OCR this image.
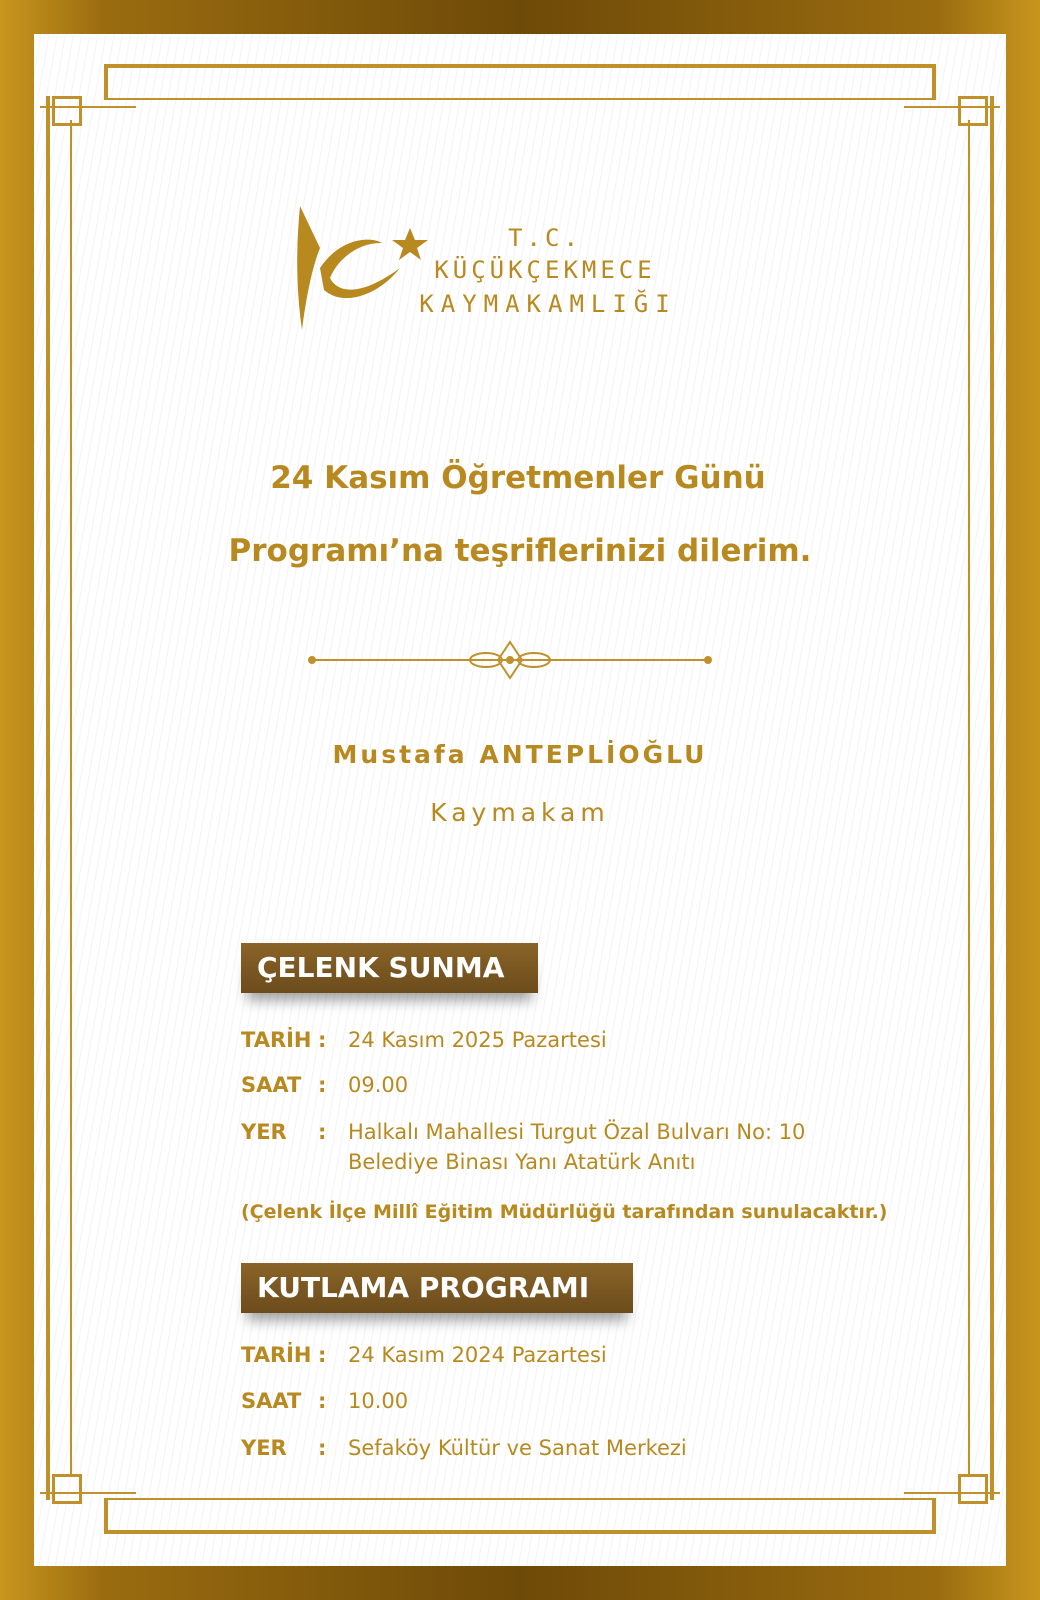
T.C.
KÜÇÜKÇEKMECE
KAYMAKAMLIĞI
24 Kasım Öğretmenler Günü
Programı’na teşriflerinizi dilerim.
Mustafa ANTEPLİOĞLU
Kaymakam
ÇELENK SUNMA
TARİH : 24 Kasım 2025 Pazartesi
SAAT : 09.00
YER : Halkalı Mahallesi Turgut Özal Bulvarı No: 10
Belediye Binası Yanı Atatürk Anıtı
(Çelenk İlçe Millî Eğitim Müdürlüğü tarafından sunulacaktır.)
KUTLAMA PROGRAMI
TARİH : 24 Kasım 2024 Pazartesi
SAAT : 10.00
YER : Sefaköy Kültür ve Sanat Merkezi
